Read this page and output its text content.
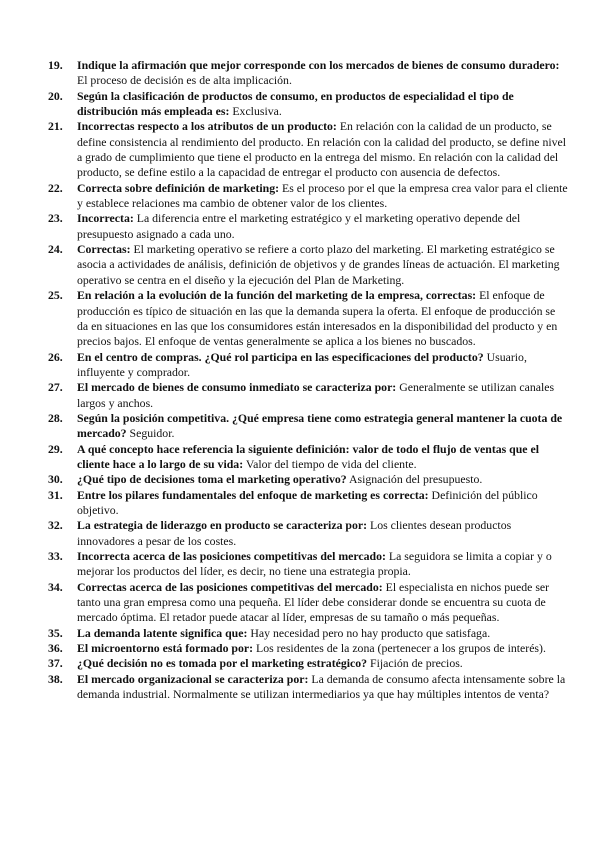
19.	Indique la afirmación que mejor corresponde con los mercados de bienes de consumo duradero: El proceso de decisión es de alta implicación.
20.	Según la clasificación de productos de consumo, en productos de especialidad el tipo de distribución más empleada es: Exclusiva.
21.	Incorrectas respecto a los atributos de un producto: En relación con la calidad de un producto, se define consistencia al rendimiento del producto. En relación con la calidad del producto, se define nivel a grado de cumplimiento que tiene el producto en la entrega del mismo. En relación con la calidad del producto, se define estilo a la capacidad de entregar el producto con ausencia de defectos.
22.	Correcta sobre definición de marketing: Es el proceso por el que la empresa crea valor para el cliente y establece relaciones ma cambio de obtener valor de los clientes.
23.	Incorrecta: La diferencia entre el marketing estratégico y el marketing operativo depende del presupuesto asignado a cada uno.
24.	Correctas: El marketing operativo se refiere a corto plazo del marketing. El marketing estratégico se asocia a actividades de análisis, definición de objetivos y de grandes líneas de actuación. El marketing operativo se centra en el diseño y la ejecución del Plan de Marketing.
25.	En relación a la evolución de la función del marketing de la empresa, correctas: El enfoque de producción es típico de situación en las que la demanda supera la oferta. El enfoque de producción se da en situaciones en las que los consumidores están interesados en la disponibilidad del producto y en precios bajos. El enfoque de ventas generalmente se aplica a los bienes no buscados.
26.	En el centro de compras. ¿Qué rol participa en las especificaciones del producto? Usuario, influyente y comprador.
27.	El mercado de bienes de consumo inmediato se caracteriza por: Generalmente se utilizan canales largos y anchos.
28.	Según la posición competitiva. ¿Qué empresa tiene como estrategia general mantener la cuota de mercado? Seguidor.
29.	A qué concepto hace referencia la siguiente definición: valor de todo el flujo de ventas que el cliente hace a lo largo de su vida: Valor del tiempo de vida del cliente.
30.	¿Qué tipo de decisiones toma el marketing operativo? Asignación del presupuesto.
31.	Entre los pilares fundamentales del enfoque de marketing es correcta: Definición del público objetivo.
32.	La estrategia de liderazgo en producto se caracteriza por: Los clientes desean productos innovadores a pesar de los costes.
33.	Incorrecta acerca de las posiciones competitivas del mercado: La seguidora se limita a copiar y o mejorar los productos del líder, es decir, no tiene una estrategia propia.
34.	Correctas acerca de las posiciones competitivas del mercado: El especialista en nichos puede ser tanto una gran empresa como una pequeña. El líder debe considerar donde se encuentra su cuota de mercado óptima. El retador puede atacar al líder, empresas de su tamaño o más pequeñas.
35.	La demanda latente significa que: Hay necesidad pero no hay producto que satisfaga.
36.	El microentorno está formado por: Los residentes de la zona (pertenecer a los grupos de interés).
37.	¿Qué decisión no es tomada por el marketing estratégico? Fijación de precios.
38.	El mercado organizacional se caracteriza por: La demanda de consumo afecta intensamente sobre la demanda industrial. Normalmente se utilizan intermediarios ya que hay múltiples intentos de venta?
